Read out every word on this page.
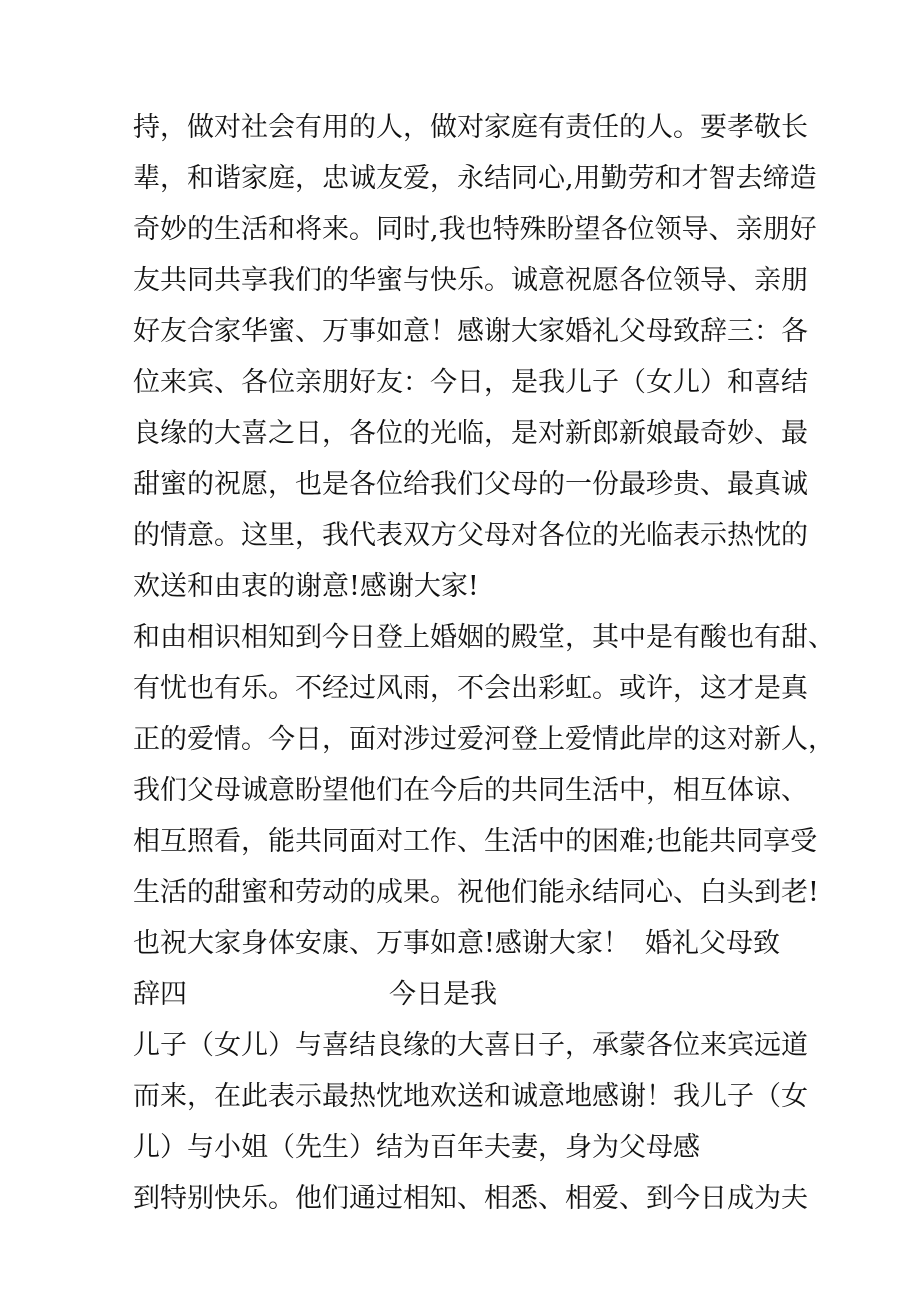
持，做对社会有用的人，做对家庭有责任的人。要孝敬长
辈，和谐家庭，忠诚友爱，永结同心,用勤劳和才智去缔造
奇妙的生活和将来。同时,我也特殊盼望各位领导、亲朋好
友共同共享我们的华蜜与快乐。诚意祝愿各位领导、亲朋
好友合家华蜜、万事如意！感谢大家婚礼父母致辞三：各
位来宾、各位亲朋好友：今日，是我儿子（女儿）和喜结
良缘的大喜之日，各位的光临，是对新郎新娘最奇妙、最
甜蜜的祝愿，也是各位给我们父母的一份最珍贵、最真诚
的情意。这里，我代表双方父母对各位的光临表示热忱的
欢送和由衷的谢意!感谢大家!
和由相识相知到今日登上婚姻的殿堂，其中是有酸也有甜、
有忧也有乐。不经过风雨，不会出彩虹。或许，这才是真
正的爱情。今日，面对涉过爱河登上爱情此岸的这对新人，
我们父母诚意盼望他们在今后的共同生活中，相互体谅、
相互照看，能共同面对工作、生活中的困难;也能共同享受
生活的甜蜜和劳动的成果。祝他们能永结同心、白头到老!
也祝大家身体安康、万事如意!感谢大家！ 婚礼父母致
辞四	今日是我
儿子（女儿）与喜结良缘的大喜日子，承蒙各位来宾远道
而来，在此表示最热忱地欢送和诚意地感谢！我儿子（女
儿）与小姐（先生）结为百年夫妻，身为父母感
到特别快乐。他们通过相知、相悉、相爱、到今日成为夫
